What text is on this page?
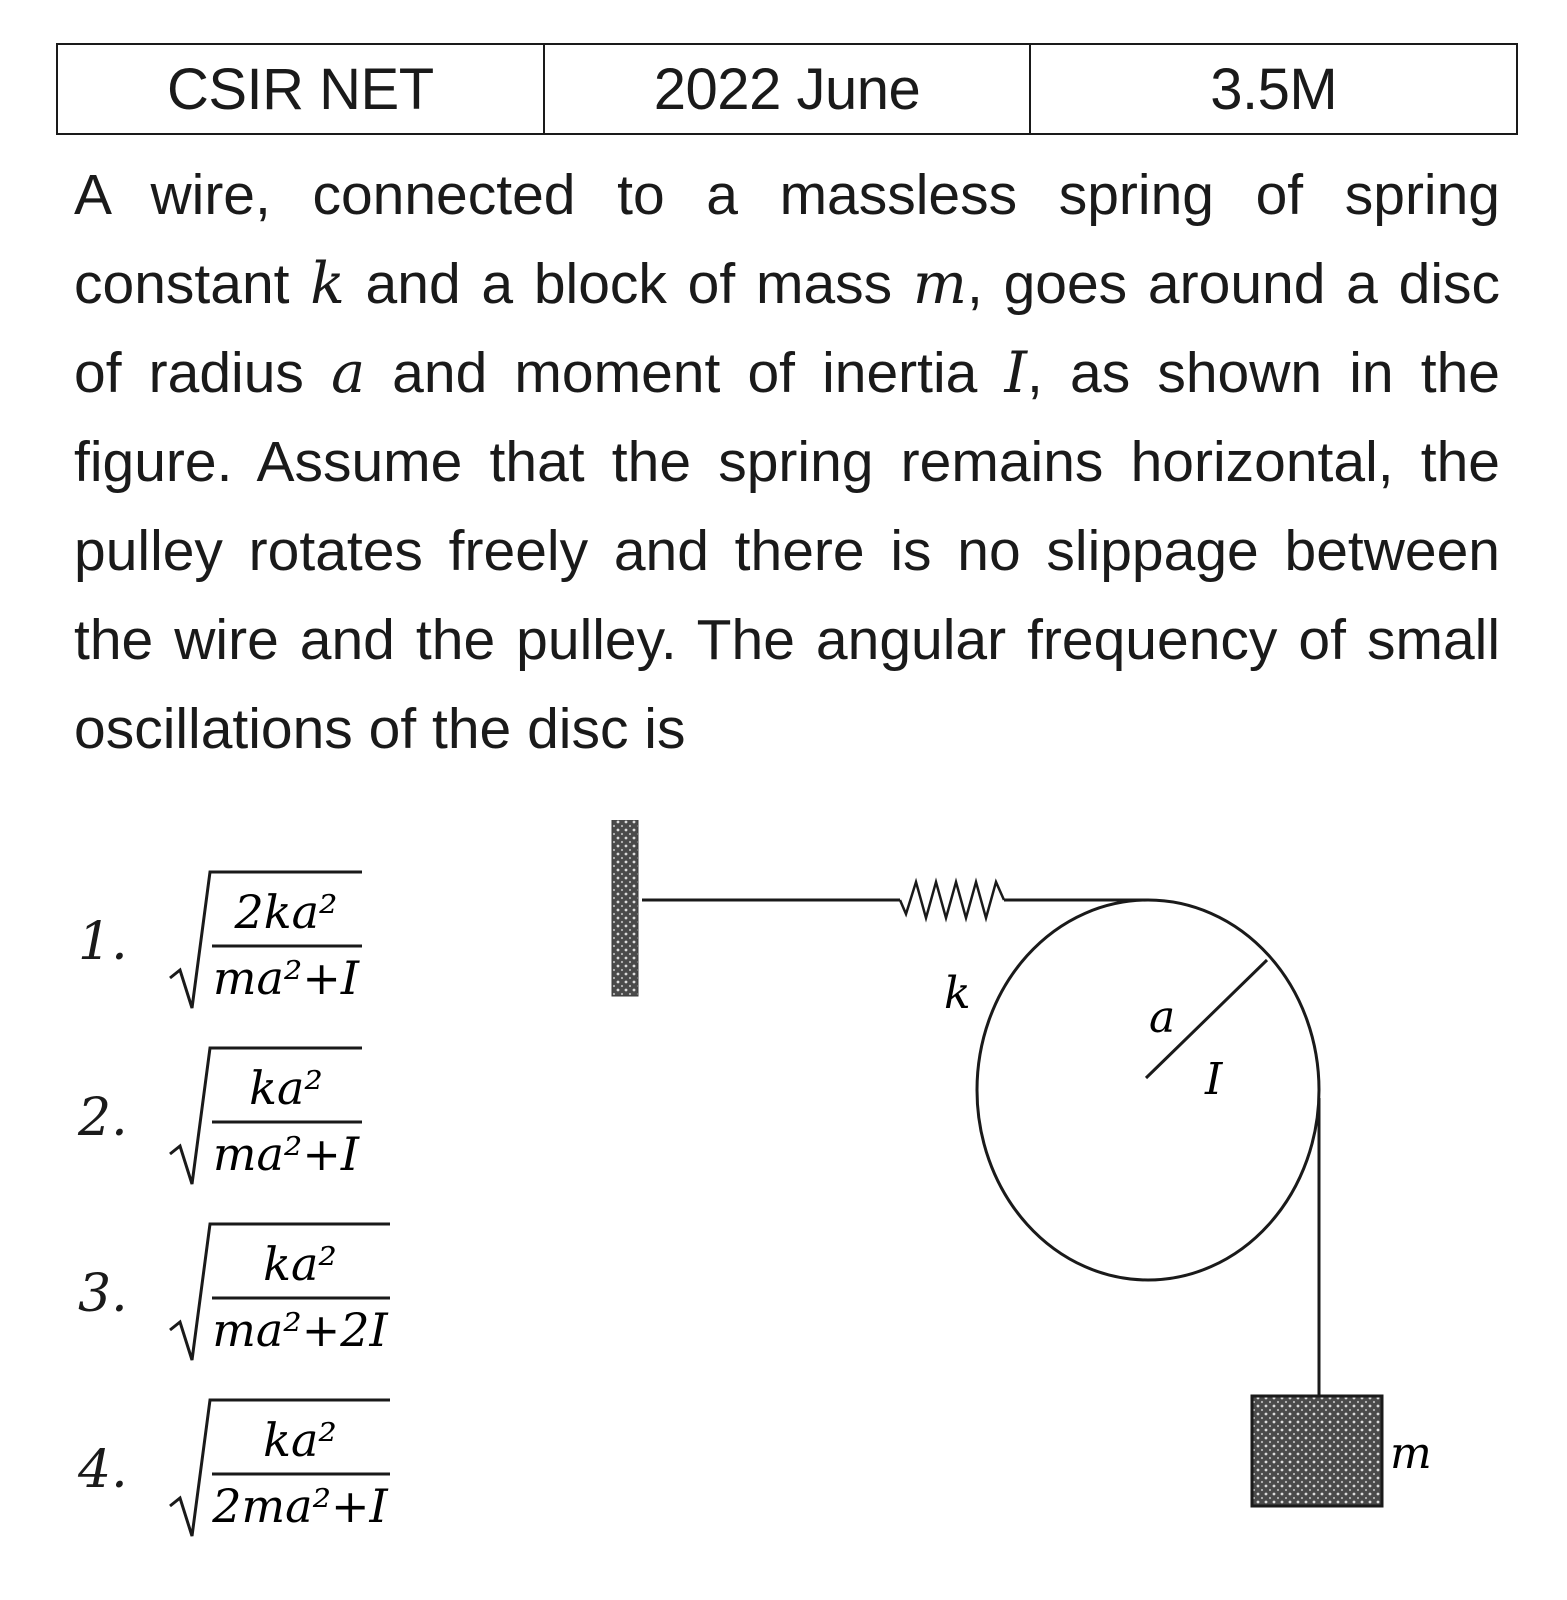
CSIR NET	2022 June	3.5M

A wire, connected to a massless spring of spring constant k and a block of mass m, goes around a disc of radius a and moment of inertia I, as shown in the figure. Assume that the spring remains horizontal, the pulley rotates freely and there is no slippage between the wire and the pulley. The angular frequency of small oscillations of the disc is

1. 2ka²
ma²+I
2.	ka²
ma²+I
3.	ka²
ma²+2I
4.	ka²
2ma²+I
k	a
I
m
